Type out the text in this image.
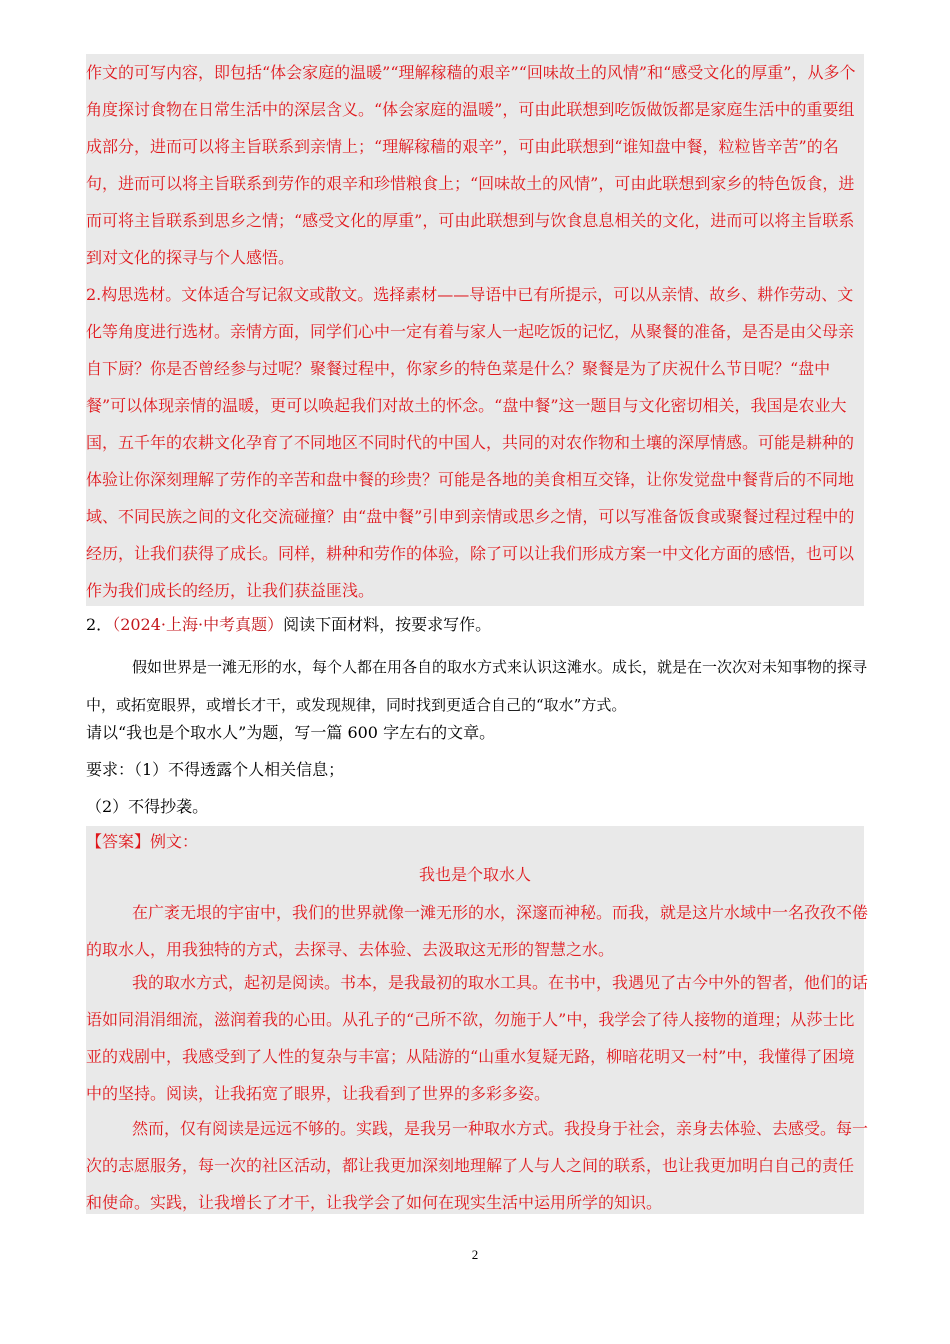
作文的可写内容，即包括“体会家庭的温暖”“理解稼穑的艰辛”“回味故土的风情”和“感受文化的厚重”，从多个角度探讨食物在日常生活中的深层含义。“体会家庭的温暖”，可由此联想到吃饭做饭都是家庭生活中的重要组成部分，进而可以将主旨联系到亲情上；“理解稼穑的艰辛”，可由此联想到“谁知盘中餐，粒粒皆辛苦”的名句，进而可以将主旨联系到劳作的艰辛和珍惜粮食上；“回味故土的风情”，可由此联想到家乡的特色饭食，进而可将主旨联系到思乡之情；“感受文化的厚重”，可由此联想到与饮食息息相关的文化，进而可以将主旨联系到对文化的探寻与个人感悟。
2.构思选材。文体适合写记叙文或散文。选择素材——导语中已有所提示，可以从亲情、故乡、耕作劳动、文化等角度进行选材。亲情方面，同学们心中一定有着与家人一起吃饭的记忆，从聚餐的准备，是否是由父母亲自下厨？你是否曾经参与过呢？聚餐过程中，你家乡的特色菜是什么？聚餐是为了庆祝什么节日呢？“盘中餐”可以体现亲情的温暖，更可以唤起我们对故土的怀念。“盘中餐”这一题目与文化密切相关，我国是农业大国，五千年的农耕文化孕育了不同地区不同时代的中国人，共同的对农作物和土壤的深厚情感。可能是耕种的体验让你深刻理解了劳作的辛苦和盘中餐的珍贵？可能是各地的美食相互交锋，让你发觉盘中餐背后的不同地域、不同民族之间的文化交流碰撞？由“盘中餐”引申到亲情或思乡之情，可以写准备饭食或聚餐过程过程中的经历，让我们获得了成长。同样，耕种和劳作的体验，除了可以让我们形成方案一中文化方面的感悟，也可以作为我们成长的经历，让我们获益匪浅。
2．（2024·上海·中考真题）阅读下面材料，按要求写作。
假如世界是一滩无形的水，每个人都在用各自的取水方式来认识这滩水。成长，就是在一次次对未知事物的探寻中，或拓宽眼界，或增长才干，或发现规律，同时找到更适合自己的“取水”方式。
请以“我也是个取水人”为题，写一篇 600 字左右的文章。
要求：（1）不得透露个人相关信息；
（2）不得抄袭。
【答案】例文：
我也是个取水人
在广袤无垠的宇宙中，我们的世界就像一滩无形的水，深邃而神秘。而我，就是这片水域中一名孜孜不倦的取水人，用我独特的方式，去探寻、去体验、去汲取这无形的智慧之水。
我的取水方式，起初是阅读。书本，是我最初的取水工具。在书中，我遇见了古今中外的智者，他们的话语如同涓涓细流，滋润着我的心田。从孔子的“己所不欲，勿施于人”中，我学会了待人接物的道理；从莎士比亚的戏剧中，我感受到了人性的复杂与丰富；从陆游的“山重水复疑无路，柳暗花明又一村”中，我懂得了困境中的坚持。阅读，让我拓宽了眼界，让我看到了世界的多彩多姿。
然而，仅有阅读是远远不够的。实践，是我另一种取水方式。我投身于社会，亲身去体验、去感受。每一次的志愿服务，每一次的社区活动，都让我更加深刻地理解了人与人之间的联系，也让我更加明白自己的责任和使命。实践，让我增长了才干，让我学会了如何在现实生活中运用所学的知识。
2
